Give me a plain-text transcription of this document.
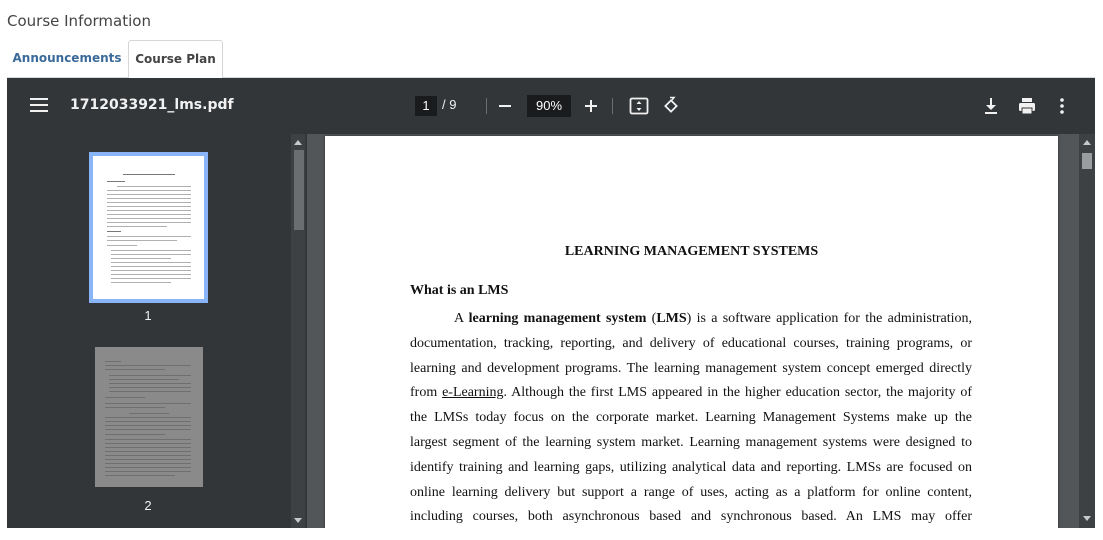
Course Information
Announcements	Course Plan
1712033921_lms.pdf	1 / 9	90%
1
2
LEARNING MANAGEMENT SYSTEMS
What is an LMS
A learning management system (LMS) is a software application for the administration,
documentation, tracking, reporting, and delivery of educational courses, training programs, or
learning and development programs. The learning management system concept emerged directly
from e-Learning. Although the first LMS appeared in the higher education sector, the majority of
the LMSs today focus on the corporate market. Learning Management Systems make up the
largest segment of the learning system market. Learning management systems were designed to
identify training and learning gaps, utilizing analytical data and reporting. LMSs are focused on
online learning delivery but support a range of uses, acting as a platform for online content,
including courses, both asynchronous based and synchronous based. An LMS may offer
